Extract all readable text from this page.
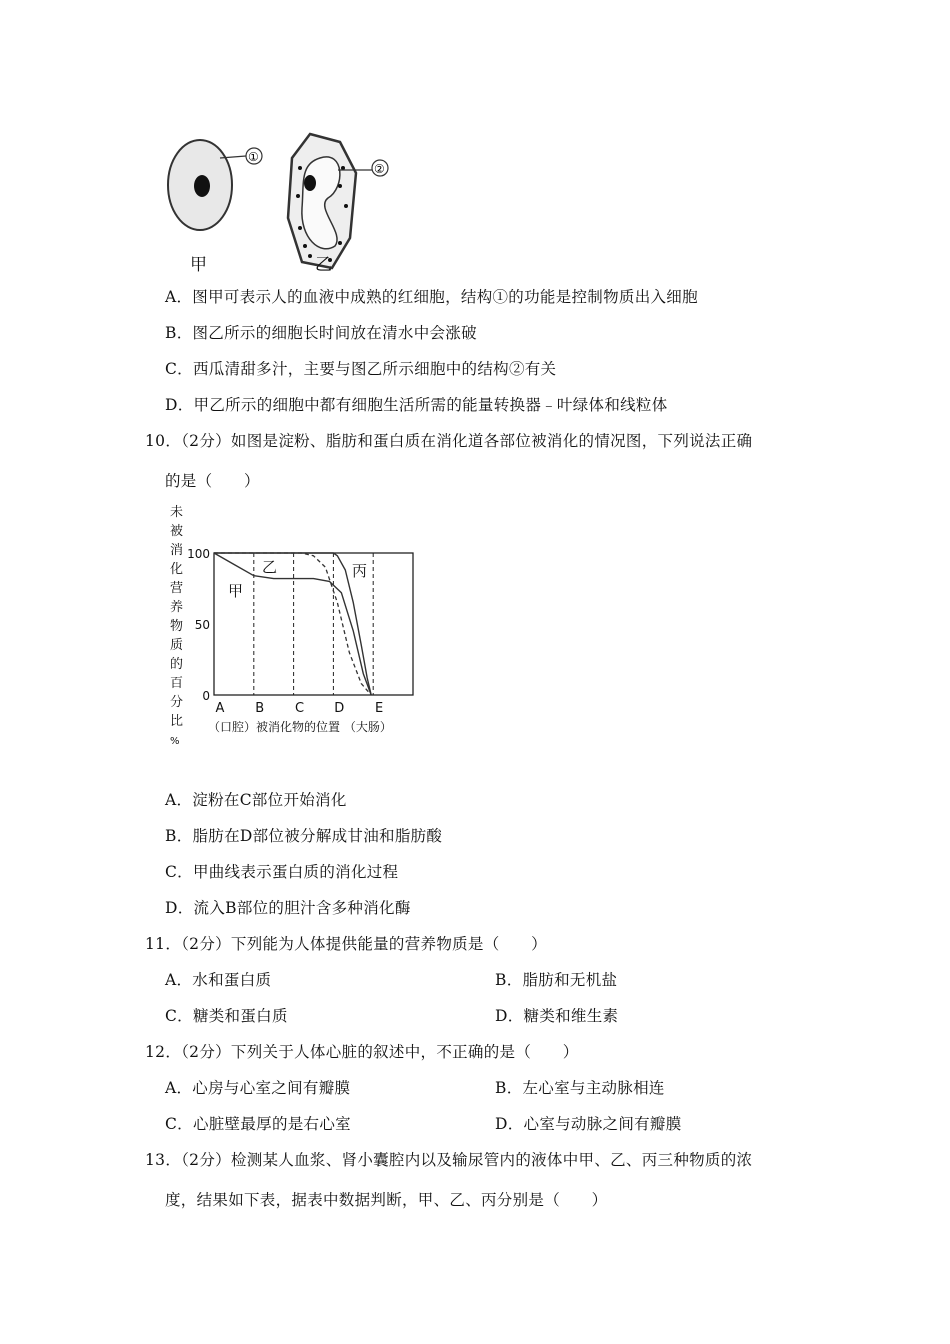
①
②
甲	乙
A．图甲可表示人的血液中成熟的红细胞，结构①的功能是控制物质出入细胞
B．图乙所示的细胞长时间放在清水中会涨破
C．西瓜清甜多汁，主要与图乙所示细胞中的结构②有关
D．甲乙所示的细胞中都有细胞生活所需的能量转换器﹣叶绿体和线粒体
10．（2分）如图是淀粉、脂肪和蛋白质在消化道各部位被消化的情况图，下列说法正确
的是（　　）
未
被
消
化
营
养
物
质
的
百
分
比
%
100
50
0
A B C D E
（口腔）被消化物的位置 （大肠）
甲
乙	丙
A．淀粉在C部位开始消化
B．脂肪在D部位被分解成甘油和脂肪酸
C．甲曲线表示蛋白质的消化过程
D．流入B部位的胆汁含多种消化酶
11．（2分）下列能为人体提供能量的营养物质是（　　）
A．水和蛋白质	B．脂肪和无机盐
C．糖类和蛋白质	D．糖类和维生素
12．（2分）下列关于人体心脏的叙述中，不正确的是（　　）
A．心房与心室之间有瓣膜	B．左心室与主动脉相连
C．心脏壁最厚的是右心室	D．心室与动脉之间有瓣膜
13．（2分）检测某人血浆、肾小囊腔内以及输尿管内的液体中甲、乙、丙三种物质的浓
度，结果如下表，据表中数据判断，甲、乙、丙分别是（　　）
